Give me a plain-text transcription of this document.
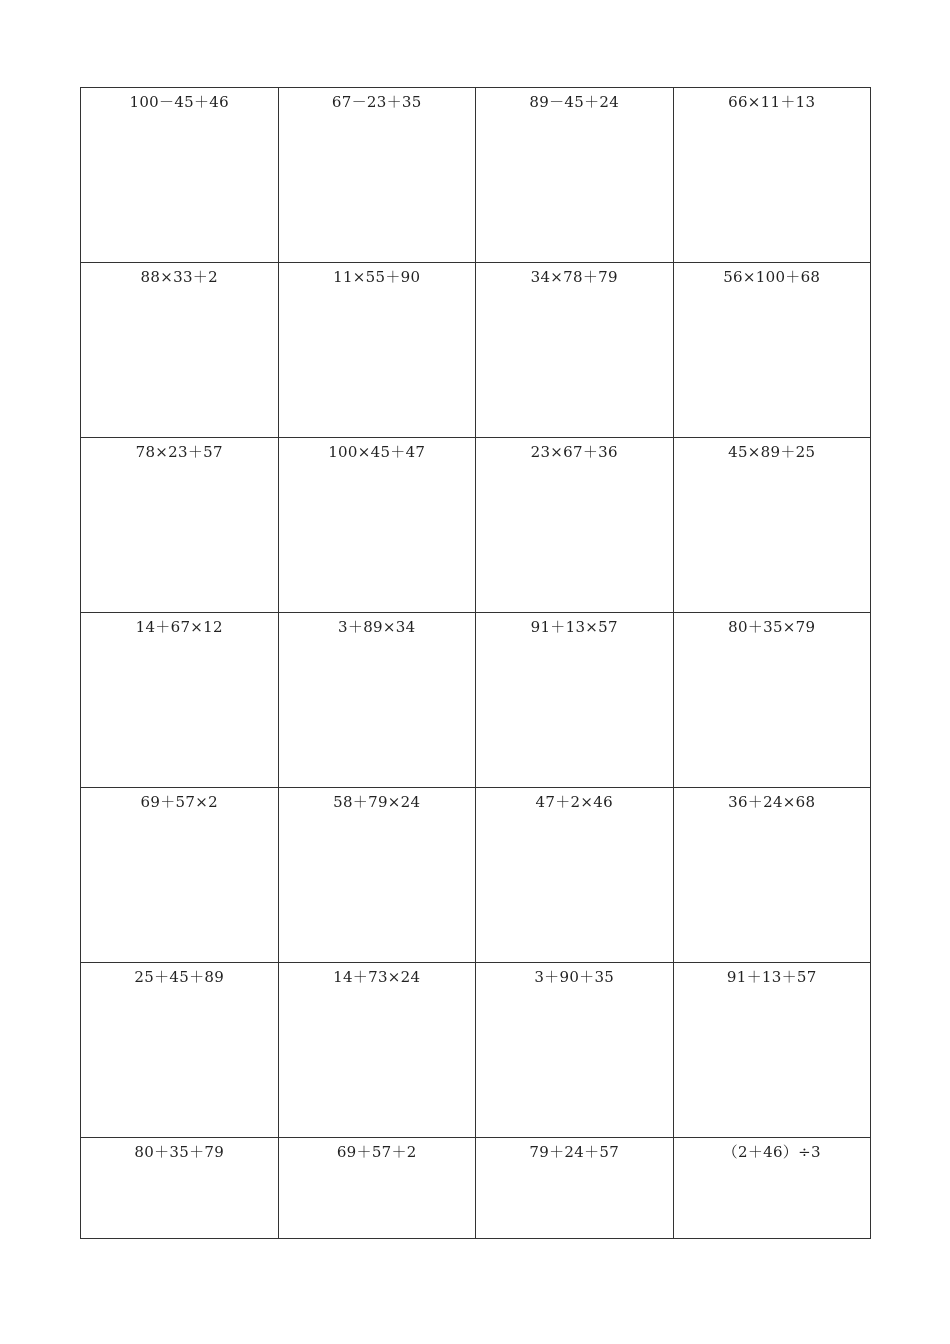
100－45＋46	67－23＋35	89－45＋24	66×11＋13
88×33＋2	11×55＋90	34×78＋79	56×100＋68
78×23＋57	100×45＋47	23×67＋36	45×89＋25
14＋67×12	3＋89×34	91＋13×57	80＋35×79
69＋57×2	58＋79×24	47＋2×46	36＋24×68
25＋45＋89	14＋73×24	3＋90＋35	91＋13＋57
80＋35＋79	69＋57＋2	79＋24＋57	（2＋46）÷3
